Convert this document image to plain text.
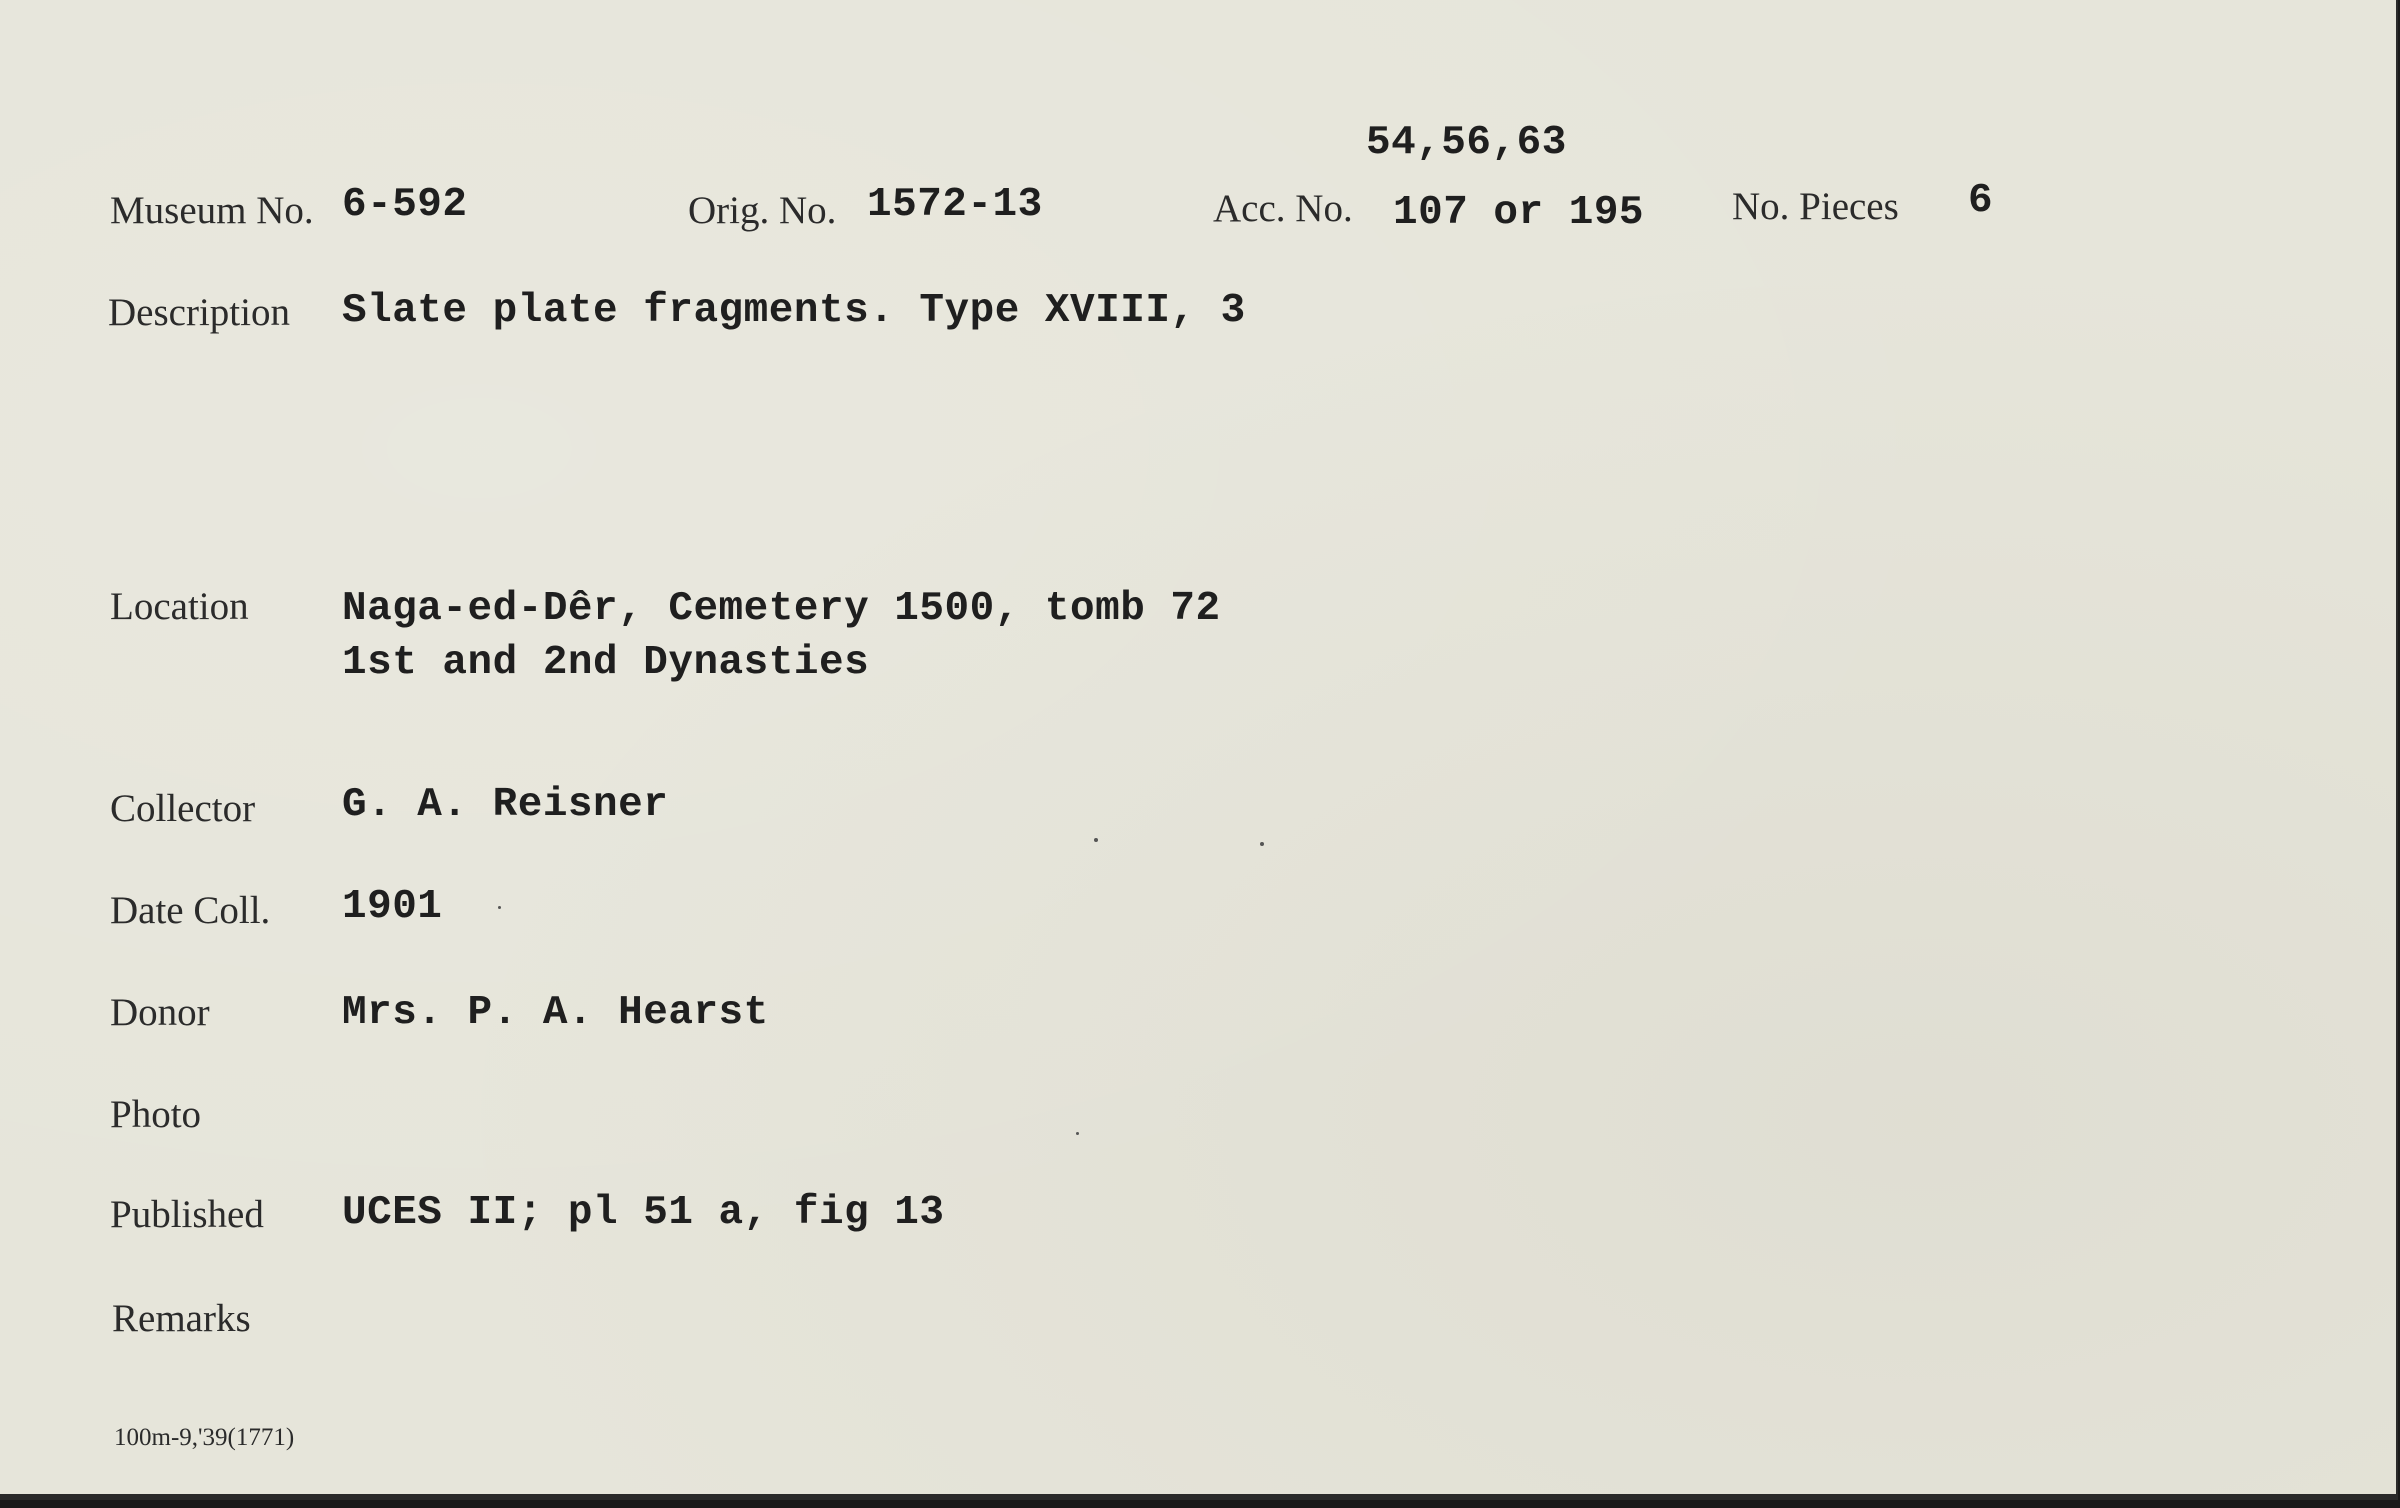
Museum No. 6-592	Orig. No. 1572-13
54,56,63
Acc. No. 107 or 195 No. Pieces 6
Description Slate plate fragments. Type XVIII, 3
Location Naga-ed-Dêr, Cemetery 1500, tomb 72
1st and 2nd Dynasties
Collector G. A. Reisner
Date Coll. 1901
Donor	Mrs. P. A. Hearst
Photo
Published UCES II; pl 51 a, fig 13
Remarks
100m-9,'39(1771)
